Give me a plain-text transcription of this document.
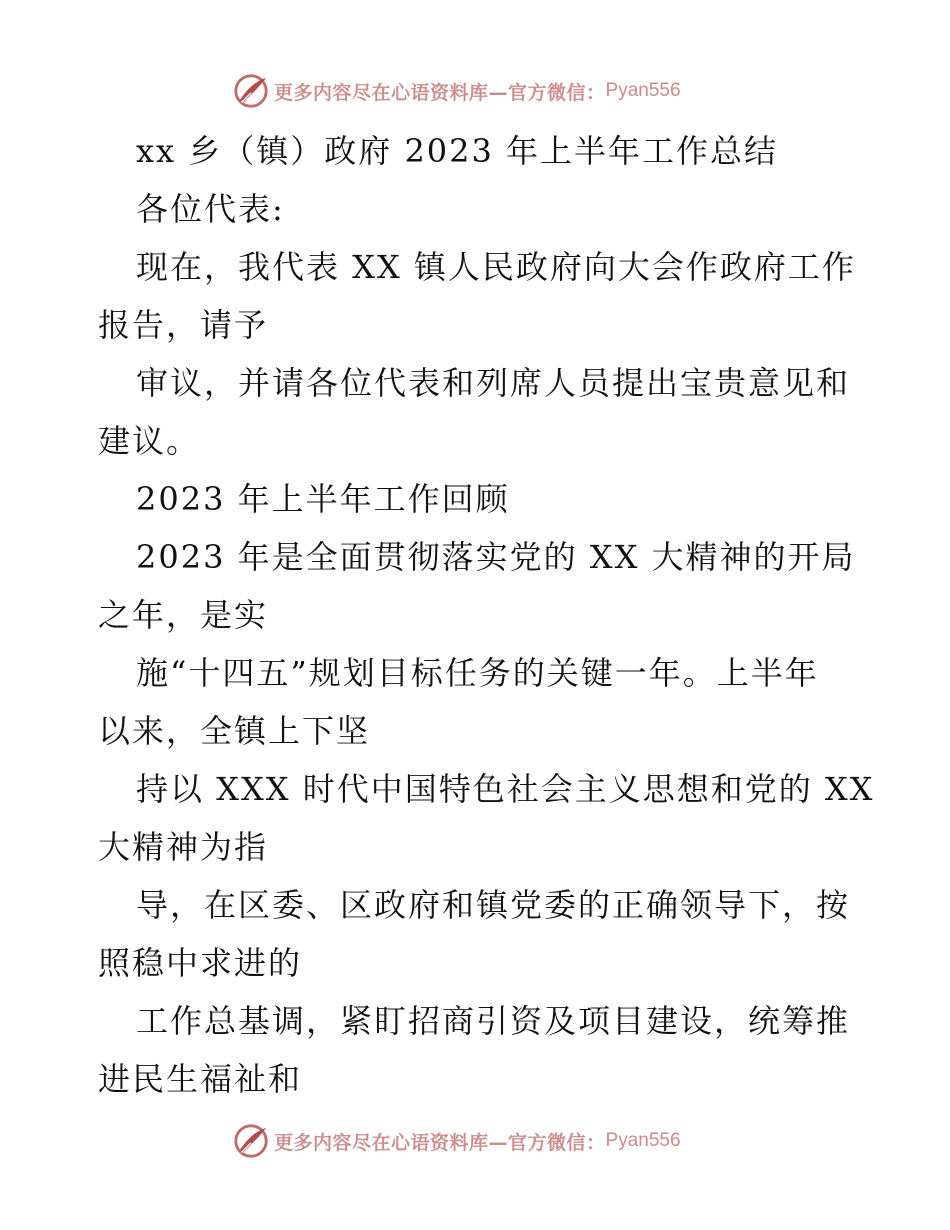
更多内容尽在心语资料库—官方微信： Pyan556
xx 乡（镇）政府 2023 年上半年工作总结
各位代表:
现在，我代表 XX 镇人民政府向大会作政府工作
报告，请予
审议，并请各位代表和列席人员提出宝贵意见和
建议。
2023 年上半年工作回顾
2023 年是全面贯彻落实党的 XX 大精神的开局
之年，是实
施“十四五”规划目标任务的关键一年。上半年
以来，全镇上下坚
持以 XXX 时代中国特色社会主义思想和党的 XX
大精神为指
导，在区委、区政府和镇党委的正确领导下，按
照稳中求进的
工作总基调，紧盯招商引资及项目建设，统筹推
进民生福祉和
更多内容尽在心语资料库—官方微信： Pyan556
